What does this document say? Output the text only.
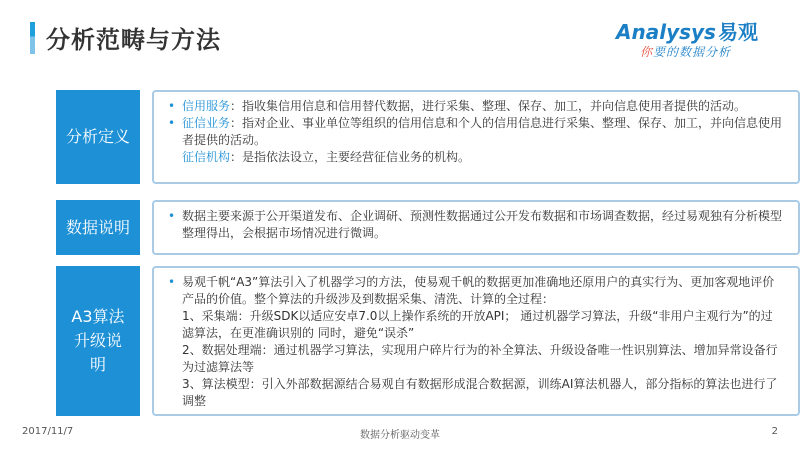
分析范畴与方法	Analysys 易观
你要的数据分析
分析定义
• 信用服务：指收集信用信息和信用替代数据，进行采集、整理、保存、加工，并向信息使用者提供的活动。
• 征信业务：指对企业、事业单位等组织的信用信息和个人的信用信息进行采集、整理、保存、加工，并向信息使用者提供的活动。
征信机构：是指依法设立，主要经营征信业务的机构。
数据说明
• 数据主要来源于公开渠道发布、企业调研、预测性数据通过公开发布数据和市场调查数据，经过易观独有分析模型整理得出，会根据市场情况进行微调。
A3算法
升级说
明
• 易观千帆“A3”算法引入了机器学习的方法，使易观千帆的数据更加准确地还原用户的真实行为、更加客观地评价产品的价值。整个算法的升级涉及到数据采集、清洗、计算的全过程：
1、采集端：升级SDK以适应安卓7.0以上操作系统的开放API； 通过机器学习算法，升级“非用户主观行为”的过滤算法，在更准确识别的 同时，避免“误杀”
2、数据处理端：通过机器学习算法，实现用户碎片行为的补全算法、升级设备唯一性识别算法、增加异常设备行为过滤算法等
3、算法模型：引入外部数据源结合易观自有数据形成混合数据源，训练AI算法机器人，部分指标的算法也进行了调整
2017/11/7	数据分析驱动变革	2
